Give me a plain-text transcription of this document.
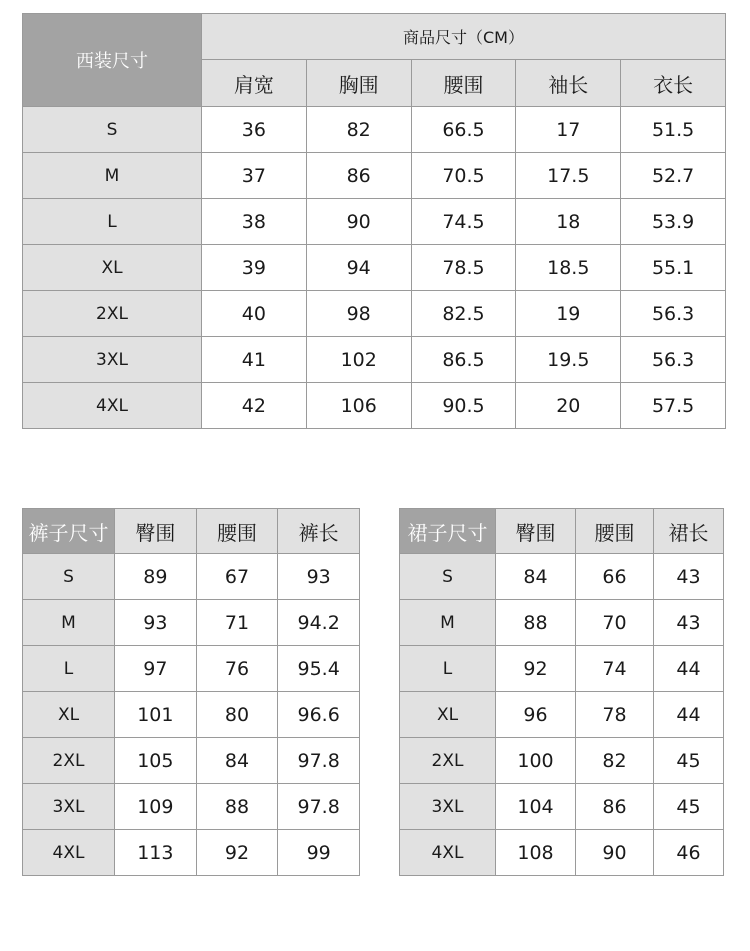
西装尺寸	商品尺寸（CM）				
	肩宽	胸围	腰围	袖长	衣长
S	36	82	66.5	17	51.5
M	37	86	70.5	17.5	52.7
L	38	90	74.5	18	53.9
XL	39	94	78.5	18.5	55.1
2XL	40	98	82.5	19	56.3
3XL	41	102	86.5	19.5	56.3
4XL	42	106	90.5	20	57.5
裤子尺寸	臀围	腰围	裤长
S	89	67	93
M	93	71	94.2
L	97	76	95.4
XL	101	80	96.6
2XL	105	84	97.8
3XL	109	88	97.8
4XL	113	92	99
裙子尺寸	臀围	腰围	裙长
S	84	66	43
M	88	70	43
L	92	74	44
XL	96	78	44
2XL	100	82	45
3XL	104	86	45
4XL	108	90	46
